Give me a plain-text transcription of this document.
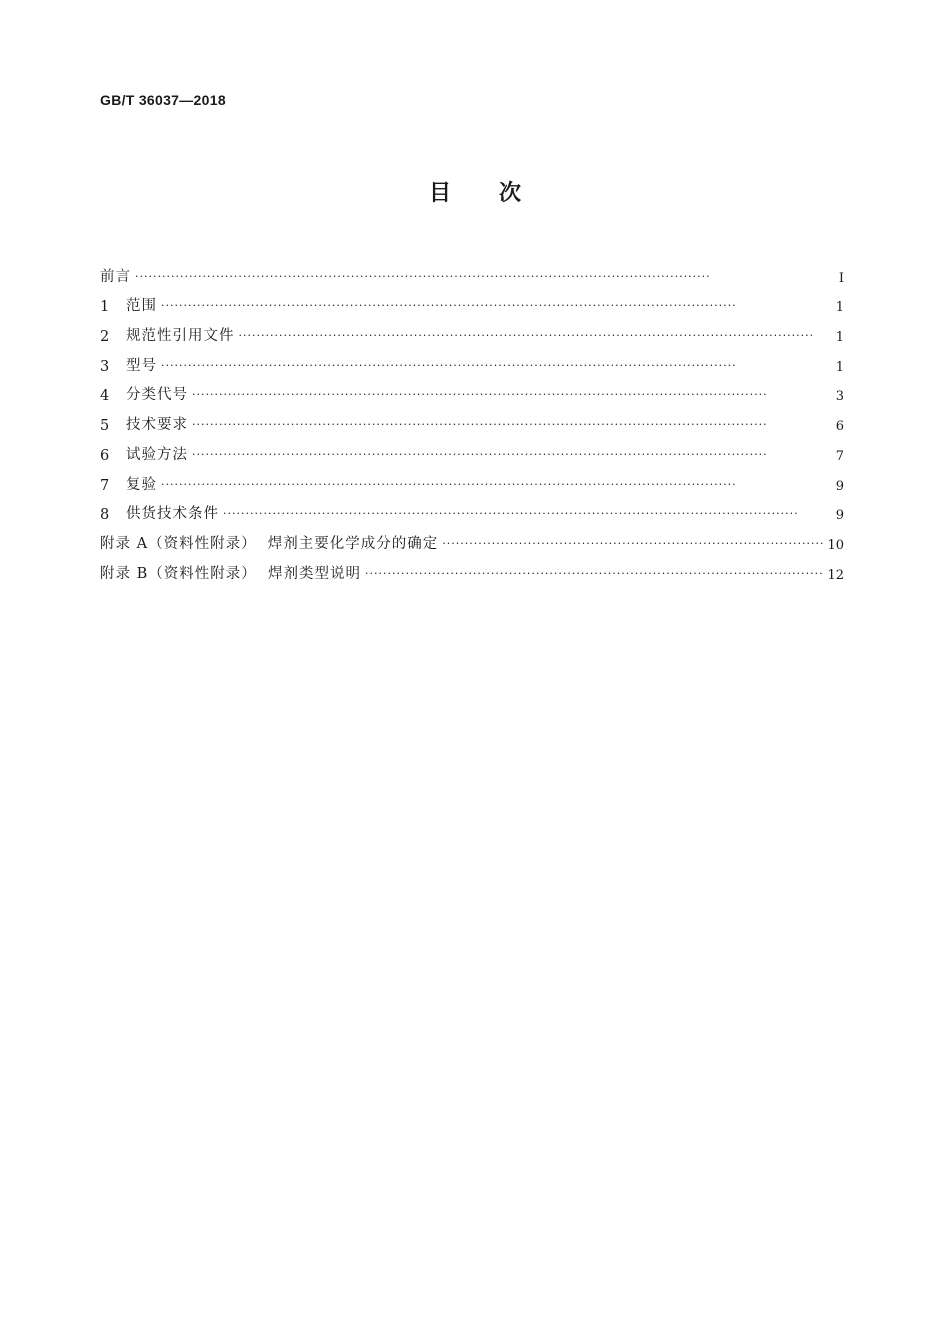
GB/T 36037—2018
目次
前言 ·····	Ⅰ
1	范围 ·····	1
2	规范性引用文件 ·····	1
3	型号 ·····	1
4	分类代号 ·····	3
5	技术要求 ·····	6
6	试验方法 ·····	7
7	复验 ·····	9
8	供货技术条件 ·····	9
附录 A（资料性附录）  焊剂主要化学成分的确定 ·····	10
附录 B（资料性附录）  焊剂类型说明 ·····	12
